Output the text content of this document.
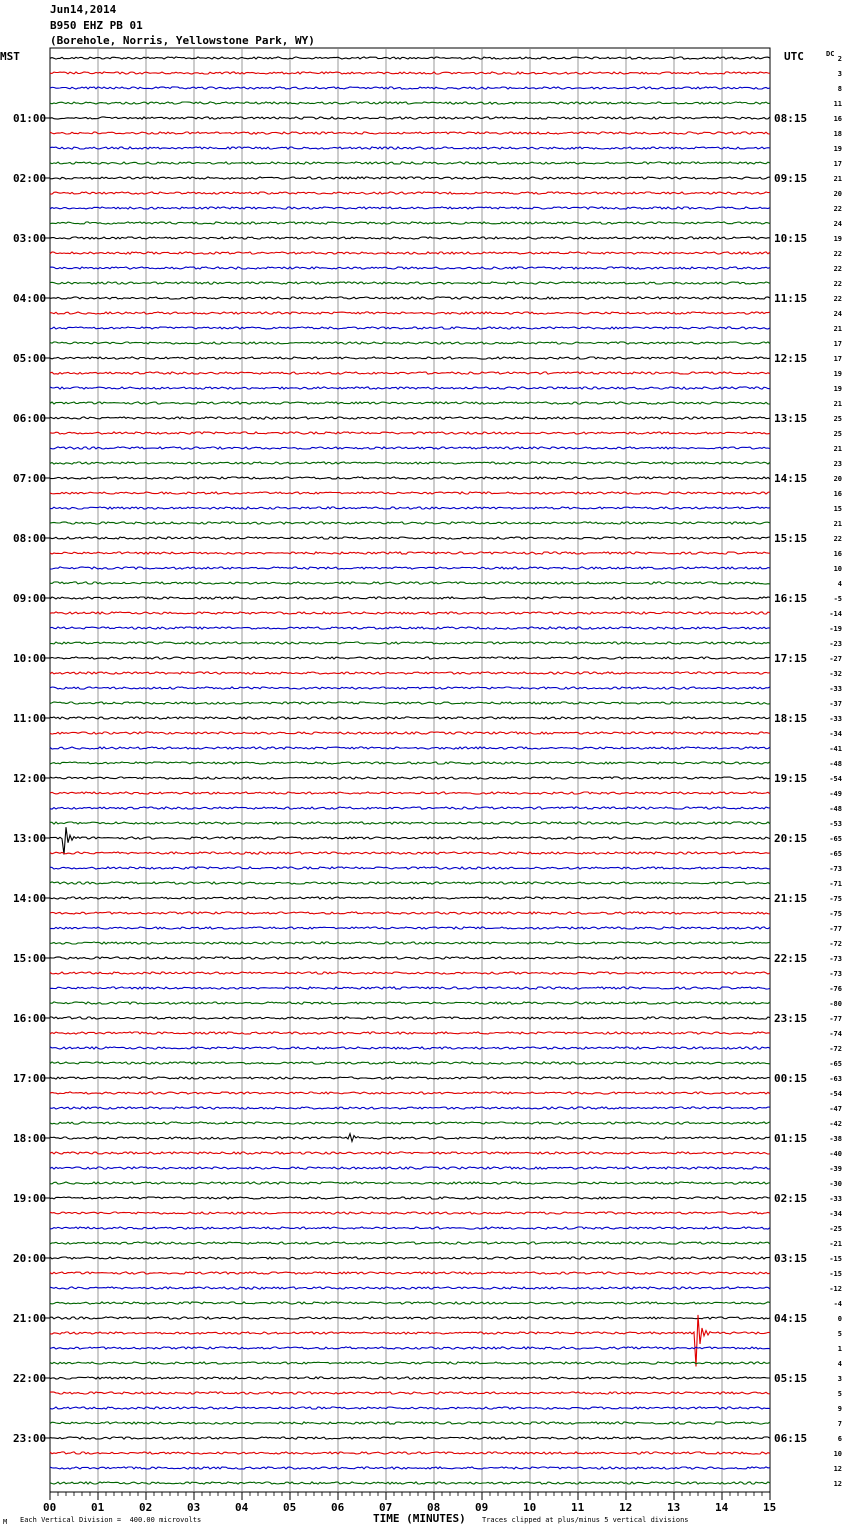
Jun14,2014
B950 EHZ PB 01
(Borehole, Norris, Yellowstone Park, WY)
MST	UTC	DC
00	01	02	03	04	05	06	07	08	09	10	11	12	13	14	15
2
3
8
11
16
18
19
17
21
20
22
24
19
22
22
22
22
24
21
17
17
19
19
21
25
25
21
23
20
16
15
21
22
16
10
4
-5
-14
-19
-23
-27
-32
-33
-37
-33
-34
-41
-48
-54
-49
-48
-53
-65
-65
-73
-71
-75
-75
-77
-72
-73
-73
-76
-80
-77
-74
-72
-65
-63
-54
-47
-42
-38
-40
-39
-30
-33
-34
-25
-21
-15
-15
-12
-4
0
5
1
4
3
5
9
7
6
10
12
12
01:00
02:00
03:00
04:00
05:00
06:00
07:00
08:00
09:00
10:00
11:00
12:00
13:00
14:00
15:00
16:00
17:00
18:00
19:00
20:00
21:00
22:00
23:00
08:15
09:15
10:15
11:15
12:15
13:15
14:15
15:15
16:15
17:15
18:15
19:15
20:15
21:15
22:15
23:15
00:15
01:15
02:15
03:15
04:15
05:15
06:15
TIME (MINUTES)
M Each Vertical Division =  400.00 microvolts	Traces clipped at plus/minus 5 vertical divisions
